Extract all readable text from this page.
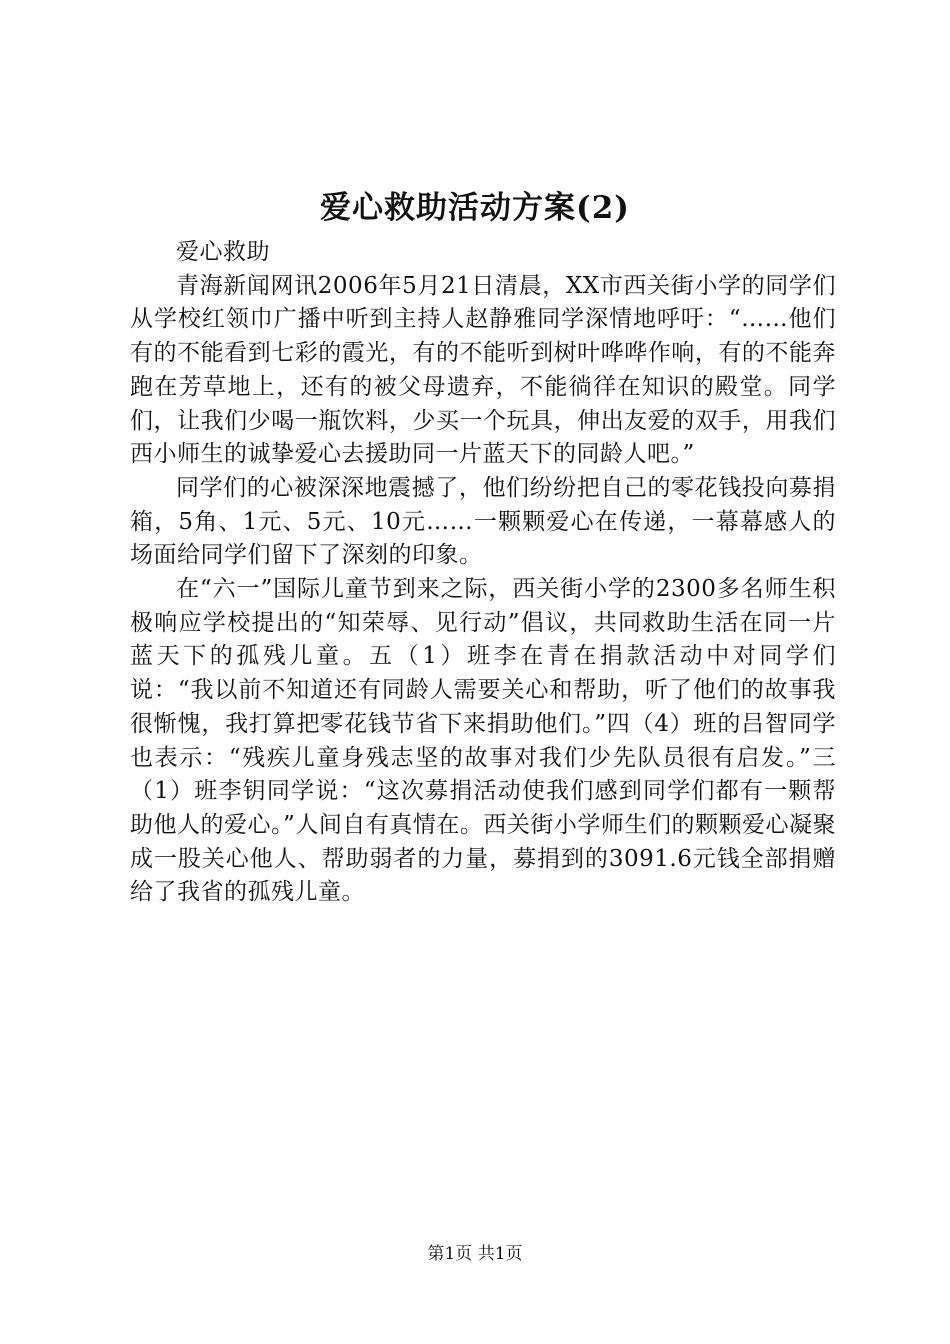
爱心救助活动方案(2)

爱心救助

青海新闻网讯2006年5月21日清晨，XX市西关街小学的同学们从学校红领巾广播中听到主持人赵静雅同学深情地呼吁：“……他们有的不能看到七彩的霞光，有的不能听到树叶哗哗作响，有的不能奔跑在芳草地上，还有的被父母遗弃，不能徜徉在知识的殿堂。同学们，让我们少喝一瓶饮料，少买一个玩具，伸出友爱的双手，用我们西小师生的诚挚爱心去援助同一片蓝天下的同龄人吧。”

同学们的心被深深地震撼了，他们纷纷把自己的零花钱投向募捐箱，5角、1元、5元、10元……一颗颗爱心在传递，一幕幕感人的场面给同学们留下了深刻的印象。

在“六一”国际儿童节到来之际，西关街小学的2300多名师生积极响应学校提出的“知荣辱、见行动”倡议，共同救助生活在同一片蓝天下的孤残儿童。五（1）班李在青在捐款活动中对同学们说：“我以前不知道还有同龄人需要关心和帮助，听了他们的故事我很惭愧，我打算把零花钱节省下来捐助他们。”四（4）班的吕智同学也表示：“残疾儿童身残志坚的故事对我们少先队员很有启发。”三（1）班李钥同学说：“这次募捐活动使我们感到同学们都有一颗帮助他人的爱心。”人间自有真情在。西关街小学师生们的颗颗爱心凝聚成一股关心他人、帮助弱者的力量，募捐到的3091.6元钱全部捐赠给了我省的孤残儿童。

第1页 共1页
